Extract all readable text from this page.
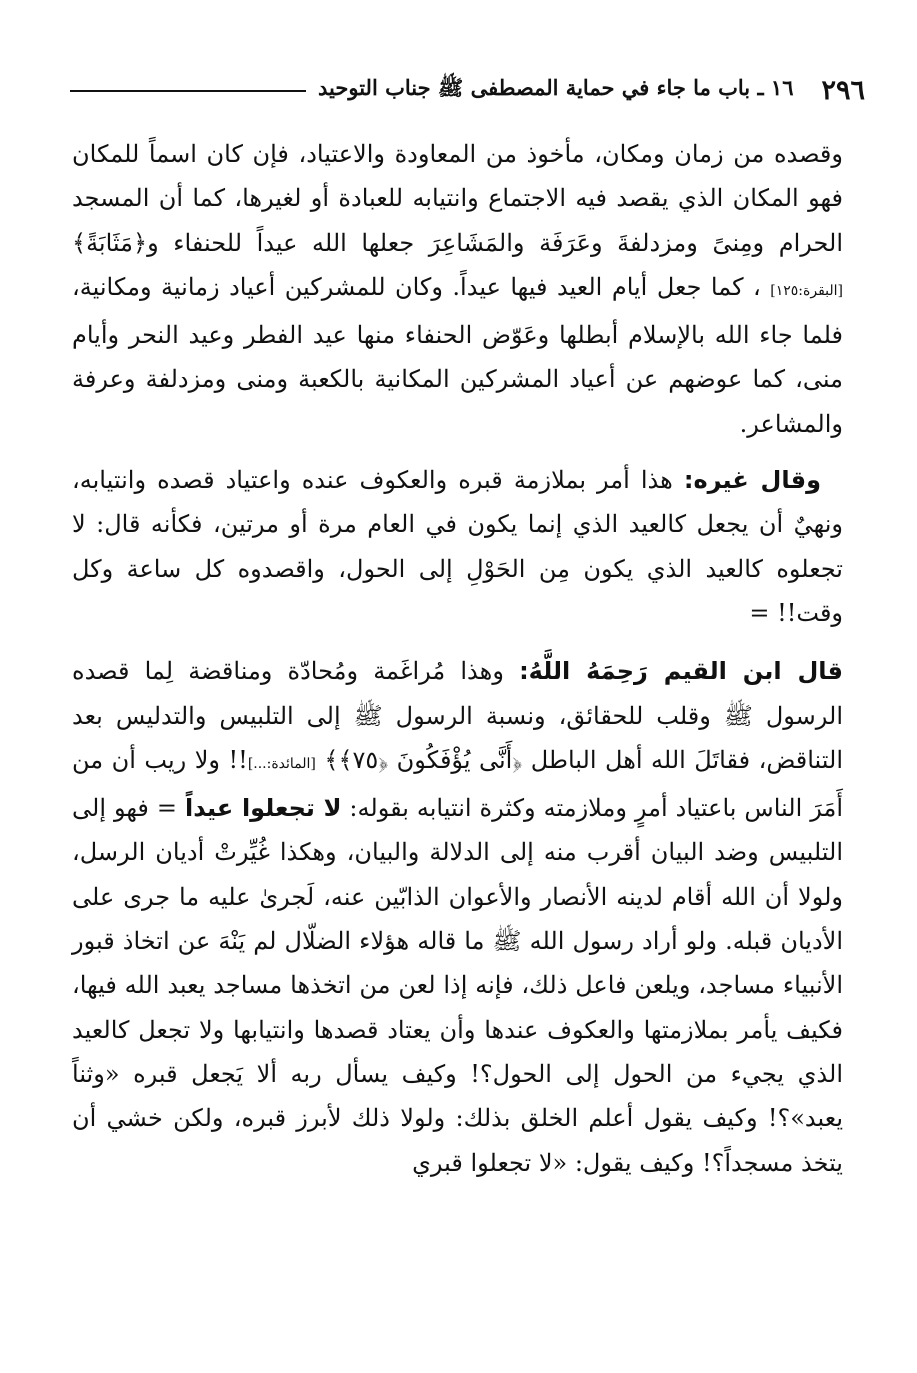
٢٩٦
١٦ ـ باب ما جاء في حماية المصطفى ﷺ جناب التوحيد

وقصده من زمان ومكان، مأخوذ من المعاودة والاعتياد، فإن كان اسماً للمكان فهو المكان الذي يقصد فيه الاجتماع وانتيابه للعبادة أو لغيرها، كما أن المسجد الحرام ومِنىً ومزدلفةَ وعَرَفَة والمَشَاعِرَ جعلها الله عيداً للحنفاء و﴿مَثَابَةً﴾ [البقرة:١٢٥] ، كما جعل أيام العيد فيها عيداً. وكان للمشركين أعياد زمانية ومكانية، فلما جاء الله بالإسلام أبطلها وعَوّض الحنفاء منها عيد الفطر وعيد النحر وأيام منى، كما عوضهم عن أعياد المشركين المكانية بالكعبة ومنى ومزدلفة وعرفة والمشاعر.

وقال غيره: هذا أمر بملازمة قبره والعكوف عنده واعتياد قصده وانتيابه، ونهيٌ أن يجعل كالعيد الذي إنما يكون في العام مرة أو مرتين، فكأنه قال: لا تجعلوه كالعيد الذي يكون مِن الحَوْلِ إلى الحول، واقصدوه كل ساعة وكل وقت!! =

قال ابن القيم رَحِمَهُ اللَّهُ: وهذا مُراغَمة ومُحادّة ومناقضة لِما قصده الرسول ﷺ وقلب للحقائق، ونسبة الرسول ﷺ إلى التلبيس والتدليس بعد التناقض، فقاتَلَ الله أهل الباطل ﴿أَنَّى يُؤْفَكُونَ ﴿٧٥﴾﴾ [المائدة:...]!! ولا ريب أن من أَمَرَ الناس باعتياد أمرٍ وملازمته وكثرة انتيابه بقوله: لا تجعلوا عيداً = فهو إلى التلبيس وضد البيان أقرب منه إلى الدلالة والبيان، وهكذا غُيِّرتْ أديان الرسل، ولولا أن الله أقام لدينه الأنصار والأعوان الذابّين عنه، لَجرىٰ عليه ما جرى على الأديان قبله. ولو أراد رسول الله ﷺ ما قاله هؤلاء الضلّال لم يَنْهَ عن اتخاذ قبور الأنبياء مساجد، ويلعن فاعل ذلك، فإنه إذا لعن من اتخذها مساجد يعبد الله فيها، فكيف يأمر بملازمتها والعكوف عندها وأن يعتاد قصدها وانتيابها ولا تجعل كالعيد الذي يجيء من الحول إلى الحول؟! وكيف يسأل ربه ألا يَجعل قبره «وثناً يعبد»؟! وكيف يقول أعلم الخلق بذلك: ولولا ذلك لأبرز قبره، ولكن خشي أن يتخذ مسجداً؟! وكيف يقول: «لا تجعلوا قبري
